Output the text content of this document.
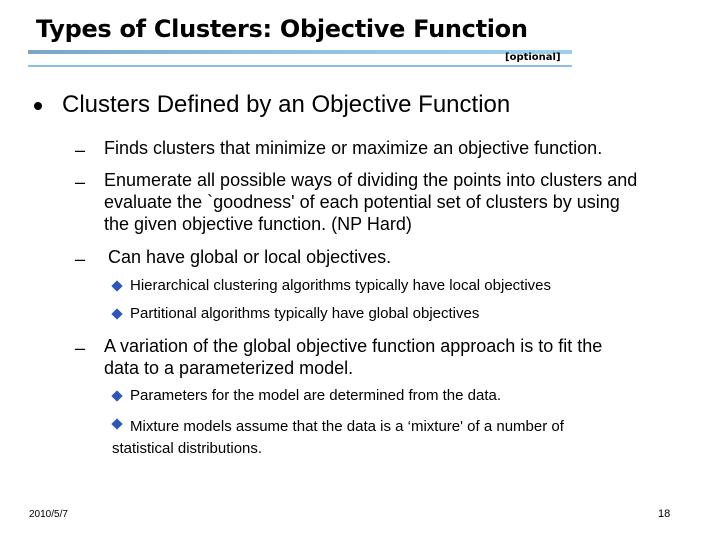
Types of Clusters: Objective Function
[optional]
Clusters Defined by an Objective Function
– Finds clusters that minimize or maximize an objective function.
– Enumerate all possible ways of dividing the points into clusters and
evaluate the `goodness' of each potential set of clusters by using
the given objective function. (NP Hard)
– Can have global or local objectives.
Hierarchical clustering algorithms typically have local objectives
Partitional algorithms typically have global objectives
– A variation of the global objective function approach is to fit the
data to a parameterized model.
Parameters for the model are determined from the data.
Mixture models assume that the data is a ‘mixture' of a number of
statistical distributions.
2010/5/7	18
